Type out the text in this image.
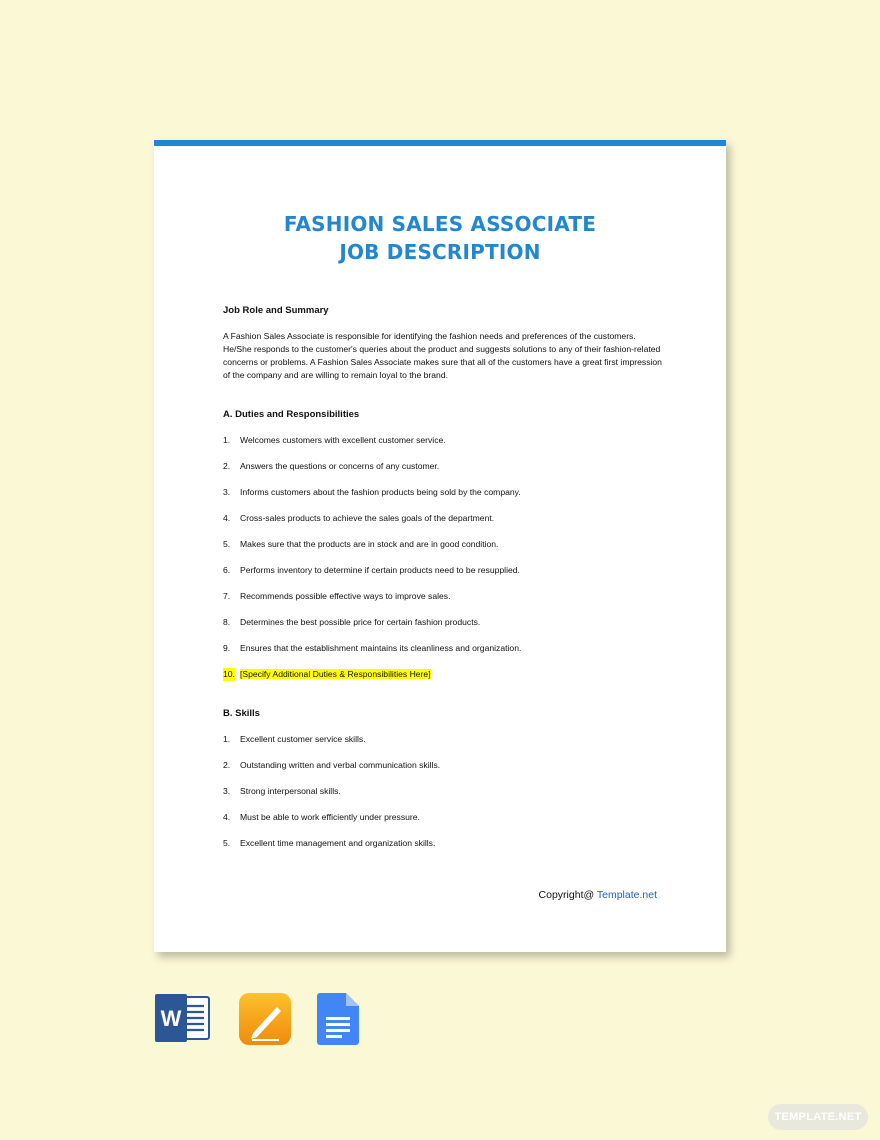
FASHION SALES ASSOCIATE
JOB DESCRIPTION

Job Role and Summary

A Fashion Sales Associate is responsible for identifying the fashion needs and preferences of the customers. He/She responds to the customer's queries about the product and suggests solutions to any of their fashion-related concerns or problems. A Fashion Sales Associate makes sure that all of the customers have a great first impression of the company and are willing to remain loyal to the brand.

A. Duties and Responsibilities

1. Welcomes customers with excellent customer service.
2. Answers the questions or concerns of any customer.
3. Informs customers about the fashion products being sold by the company.
4. Cross-sales products to achieve the sales goals of the department.
5. Makes sure that the products are in stock and are in good condition.
6. Performs inventory to determine if certain products need to be resupplied.
7. Recommends possible effective ways to improve sales.
8. Determines the best possible price for certain fashion products.
9. Ensures that the establishment maintains its cleanliness and organization.
10. [Specify Additional Duties & Responsibilities Here]

B. Skills

1. Excellent customer service skills.
2. Outstanding written and verbal communication skills.
3. Strong interpersonal skills.
4. Must be able to work efficiently under pressure.
5. Excellent time management and organization skills.
Copyright@ Template.net
W
TEMPLATE.NET
